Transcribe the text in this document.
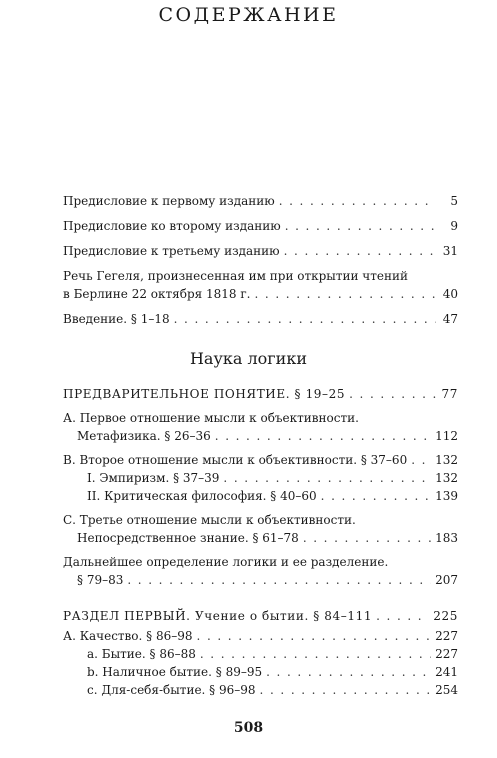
СОДЕРЖАНИЕ
Предисловие к первому изданию . . .	5
Предисловие ко второму изданию . . .	9
Предисловие к третьему изданию . . .	31
Речь Гегеля, произнесенная им при открытии чтений
в Берлине 22 октября 1818 г. . . .	40
Введение. § 1–18 . . .	47
Наука логики
ПРЕДВАРИТЕЛЬНОЕ ПОНЯТИЕ. § 19–25 . . .	77
А. Первое отношение мысли к объективности.
Метафизика. § 26–36 . . .	112
В. Второе отношение мысли к объективности. § 37–60 . . . 132
I. Эмпиризм. § 37–39 . . .	132
II. Критическая философия. § 40–60 . . .	139
С. Третье отношение мысли к объективности.
Непосредственное знание. § 61–78 . . .	183
Дальнейшее определение логики и ее разделение.
§ 79–83 . . .	207
РАЗДЕЛ ПЕРВЫЙ. Учение о бытии. § 84–111 . . .	225
А. Качество. § 86–98 . . .	227
a. Бытие. § 86–88 . . .	227
b. Наличное бытие. § 89–95 . . .	241
c. Для-себя-бытие. § 96–98 . . .	254
508
